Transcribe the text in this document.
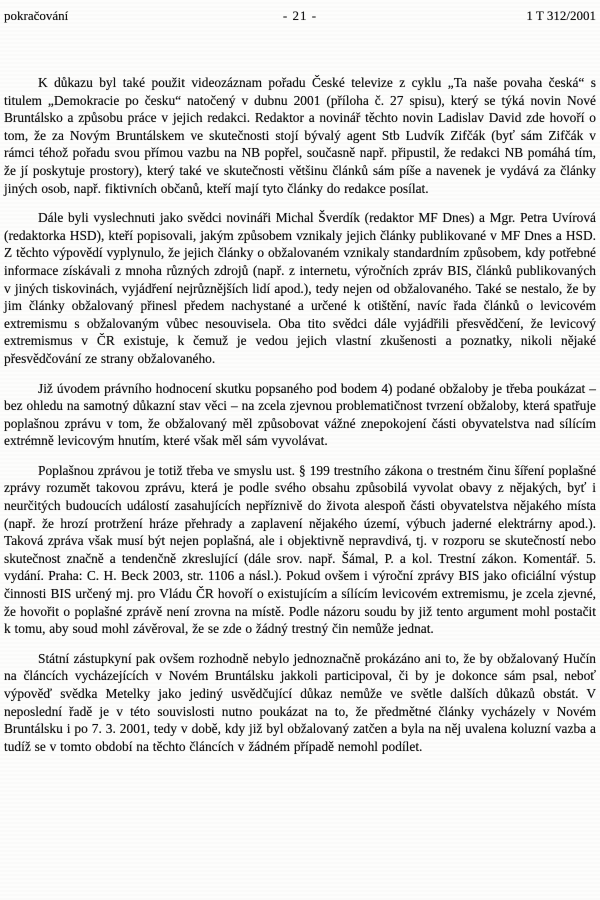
pokračování	- 21 -	1 T 312/2001

K důkazu byl také použit videozáznam pořadu České televize z cyklu „Ta naše povaha česká“ s titulem „Demokracie po česku“ natočený v dubnu 2001 (příloha č. 27 spisu), který se týká novin Nové Bruntálsko a způsobu práce v jejich redakci. Redaktor a novinář těchto novin Ladislav David zde hovoří o tom, že za Novým Bruntálskem ve skutečnosti stojí bývalý agent Stb Ludvík Zifčák (byť sám Zifčák v rámci téhož pořadu svou přímou vazbu na NB popřel, současně např. připustil, že redakci NB pomáhá tím, že jí poskytuje prostory), který také ve skutečnosti většinu článků sám píše a navenek je vydává za články jiných osob, např. fiktivních občanů, kteří mají tyto články do redakce posílat.

Dále byli vyslechnuti jako svědci novináři Michal Šverdík (redaktor MF Dnes) a Mgr. Petra Uvírová (redaktorka HSD), kteří popisovali, jakým způsobem vznikaly jejich články publikované v MF Dnes a HSD. Z těchto výpovědí vyplynulo, že jejich články o obžalovaném vznikaly standardním způsobem, kdy potřebné informace získávali z mnoha různých zdrojů (např. z internetu, výročních zpráv BIS, článků publikovaných v jiných tiskovinách, vyjádření nejrůznějších lidí apod.), tedy nejen od obžalovaného. Také se nestalo, že by jim články obžalovaný přinesl předem nachystané a určené k otištění, navíc řada článků o levicovém extremismu s obžalovaným vůbec nesouvisela. Oba tito svědci dále vyjádřili přesvědčení, že levicový extremismus v ČR existuje, k čemuž je vedou jejich vlastní zkušenosti a poznatky, nikoli nějaké přesvědčování ze strany obžalovaného.

Již úvodem právního hodnocení skutku popsaného pod bodem 4) podané obžaloby je třeba poukázat – bez ohledu na samotný důkazní stav věci – na zcela zjevnou problematičnost tvrzení obžaloby, která spatřuje poplašnou zprávu v tom, že obžalovaný měl způsobovat vážné znepokojení části obyvatelstva nad sílícím extrémně levicovým hnutím, které však měl sám vyvolávat.

Poplašnou zprávou je totiž třeba ve smyslu ust. § 199 trestního zákona o trestném činu šíření poplašné zprávy rozumět takovou zprávu, která je podle svého obsahu způsobilá vyvolat obavy z nějakých, byť i neurčitých budoucích událostí zasahujících nepříznivě do života alespoň části obyvatelstva nějakého místa (např. že hrozí protržení hráze přehrady a zaplavení nějakého území, výbuch jaderné elektrárny apod.). Taková zpráva však musí být nejen poplašná, ale i objektivně nepravdivá, tj. v rozporu se skutečností nebo skutečnost značně a tendenčně zkreslující (dále srov. např. Šámal, P. a kol. Trestní zákon. Komentář. 5. vydání. Praha: C. H. Beck 2003, str. 1106 a násl.). Pokud ovšem i výroční zprávy BIS jako oficiální výstup činnosti BIS určený mj. pro Vládu ČR hovoří o existujícím a sílícím levicovém extremismu, je zcela zjevné, že hovořit o poplašné zprávě není zrovna na místě. Podle názoru soudu by již tento argument mohl postačit k tomu, aby soud mohl závěroval, že se zde o žádný trestný čin nemůže jednat.

Státní zástupkyní pak ovšem rozhodně nebylo jednoznačně prokázáno ani to, že by obžalovaný Hučín na článcích vycházejících v Novém Bruntálsku jakkoli participoval, či by je dokonce sám psal, neboť výpověď svědka Metelky jako jediný usvědčující důkaz nemůže ve světle dalších důkazů obstát. V neposlední řadě je v této souvislosti nutno poukázat na to, že předmětné články vycházely v Novém Bruntálsku i po 7. 3. 2001, tedy v době, kdy již byl obžalovaný zatčen a byla na něj uvalena koluzní vazba a tudíž se v tomto období na těchto článcích v žádném případě nemohl podílet.
